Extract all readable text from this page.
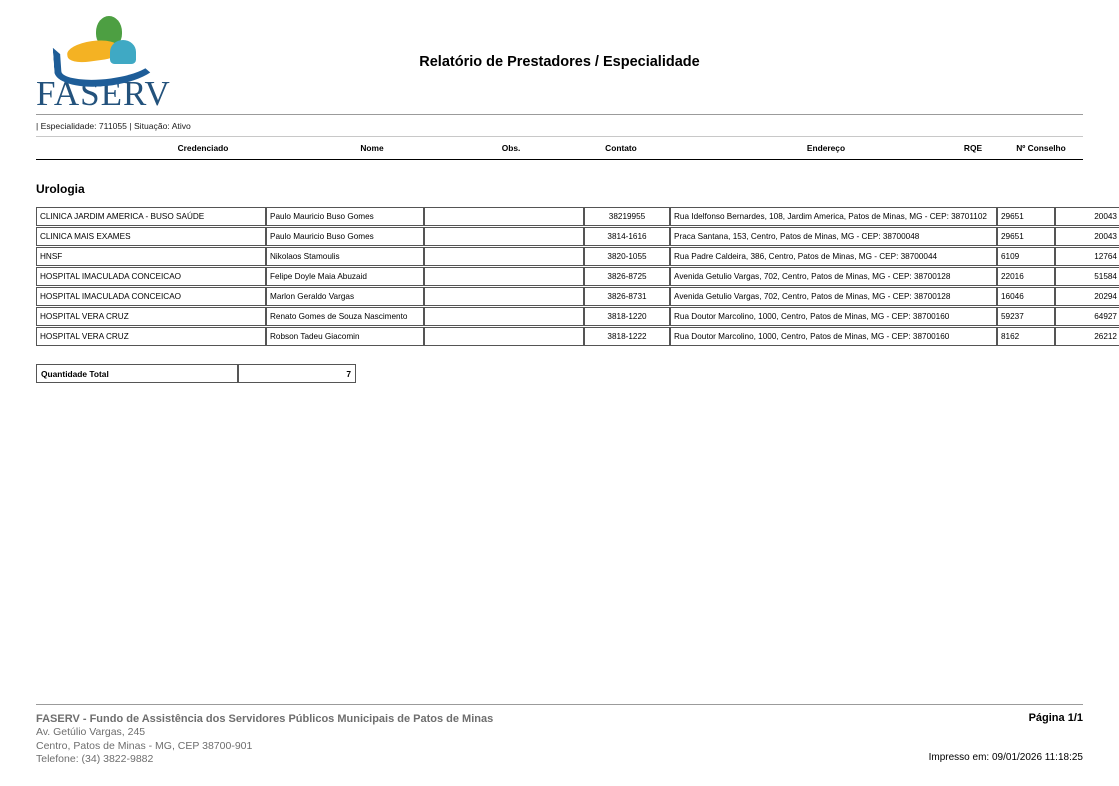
FASERV
Relatório de Prestadores / Especialidade
| Especialidade: 711055 | Situação: Ativo
Credenciado	Nome	Obs.	Contato	Endereço	RQE	Nº Conselho
Urologia
CLINICA JARDIM AMERICA - BUSO SAÚDE	Paulo Mauricio Buso Gomes		38219955	Rua Idelfonso Bernardes, 108, Jardim America, Patos de Minas, MG - CEP: 38701102	29651	20043
CLINICA MAIS EXAMES	Paulo Mauricio Buso Gomes		3814-1616	Praca Santana, 153, Centro, Patos de Minas, MG - CEP: 38700048	29651	20043
HNSF	Nikolaos Stamoulis		3820-1055	Rua Padre Caldeira, 386, Centro, Patos de Minas, MG - CEP: 38700044	6109	12764
HOSPITAL IMACULADA CONCEICAO	Felipe Doyle Maia Abuzaid		3826-8725	Avenida Getulio Vargas, 702, Centro, Patos de Minas, MG - CEP: 38700128	22016	51584
HOSPITAL IMACULADA CONCEICAO	Marlon Geraldo Vargas		3826-8731	Avenida Getulio Vargas, 702, Centro, Patos de Minas, MG - CEP: 38700128	16046	20294
HOSPITAL VERA CRUZ	Renato Gomes de Souza Nascimento		3818-1220	Rua Doutor Marcolino, 1000, Centro, Patos de Minas, MG - CEP: 38700160	59237	64927
HOSPITAL VERA CRUZ	Robson Tadeu Giacomin		3818-1222	Rua Doutor Marcolino, 1000, Centro, Patos de Minas, MG - CEP: 38700160	8162	26212
Quantidade Total	7
FASERV - Fundo de Assistência dos Servidores Públicos Municipais de Patos de Minas
Av. Getúlio Vargas, 245
Centro, Patos de Minas - MG, CEP 38700-901
Telefone: (34) 3822-9882
Página 1/1
Impresso em: 09/01/2026 11:18:25
